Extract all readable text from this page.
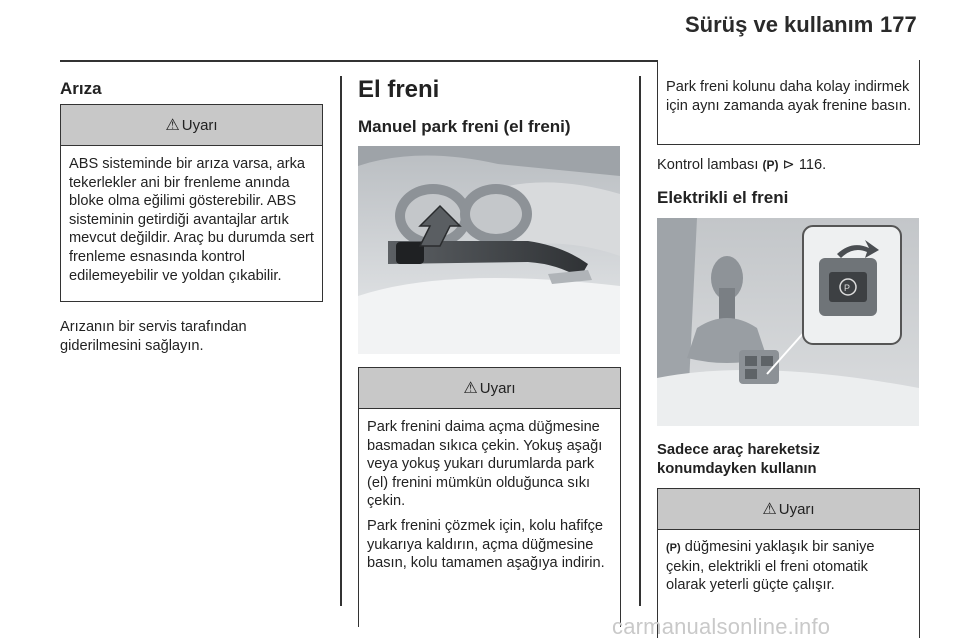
Sürüş ve kullanım 177
Arıza
⚠ Uyarı

ABS sisteminde bir arıza varsa, arka tekerlekler ani bir frenleme anında bloke olma eğilimi gösterebilir. ABS sisteminin getirdiği avantajlar artık mevcut değildir. Araç bu durumda sert frenleme esnasında kontrol edilemeyebilir ve yoldan çıkabilir.

Arızanın bir servis tarafından giderilmesini sağlayın.
El freni
Manuel park freni (el freni)
⚠ Uyarı

Park frenini daima açma düğmesine basmadan sıkıca çekin. Yokuş aşağı veya yokuş yukarı durumlarda park (el) frenini mümkün olduğunca sıkı çekin.

Park frenini çözmek için, kolu hafifçe yukarıya kaldırın, açma düğmesine basın, kolu tamamen aşağıya indirin.

Park freni kolunu daha kolay indirmek için aynı zamanda ayak frenine basın.

Kontrol lambası (P) ⊳ 116.
Elektrikli el freni
P
Sadece araç hareketsiz konumdayken kullanın
⚠ Uyarı

(P) düğmesini yaklaşık bir saniye çekin, elektrikli el freni otomatik olarak yeterli güçte çalışır.

carmanualsonline.info
